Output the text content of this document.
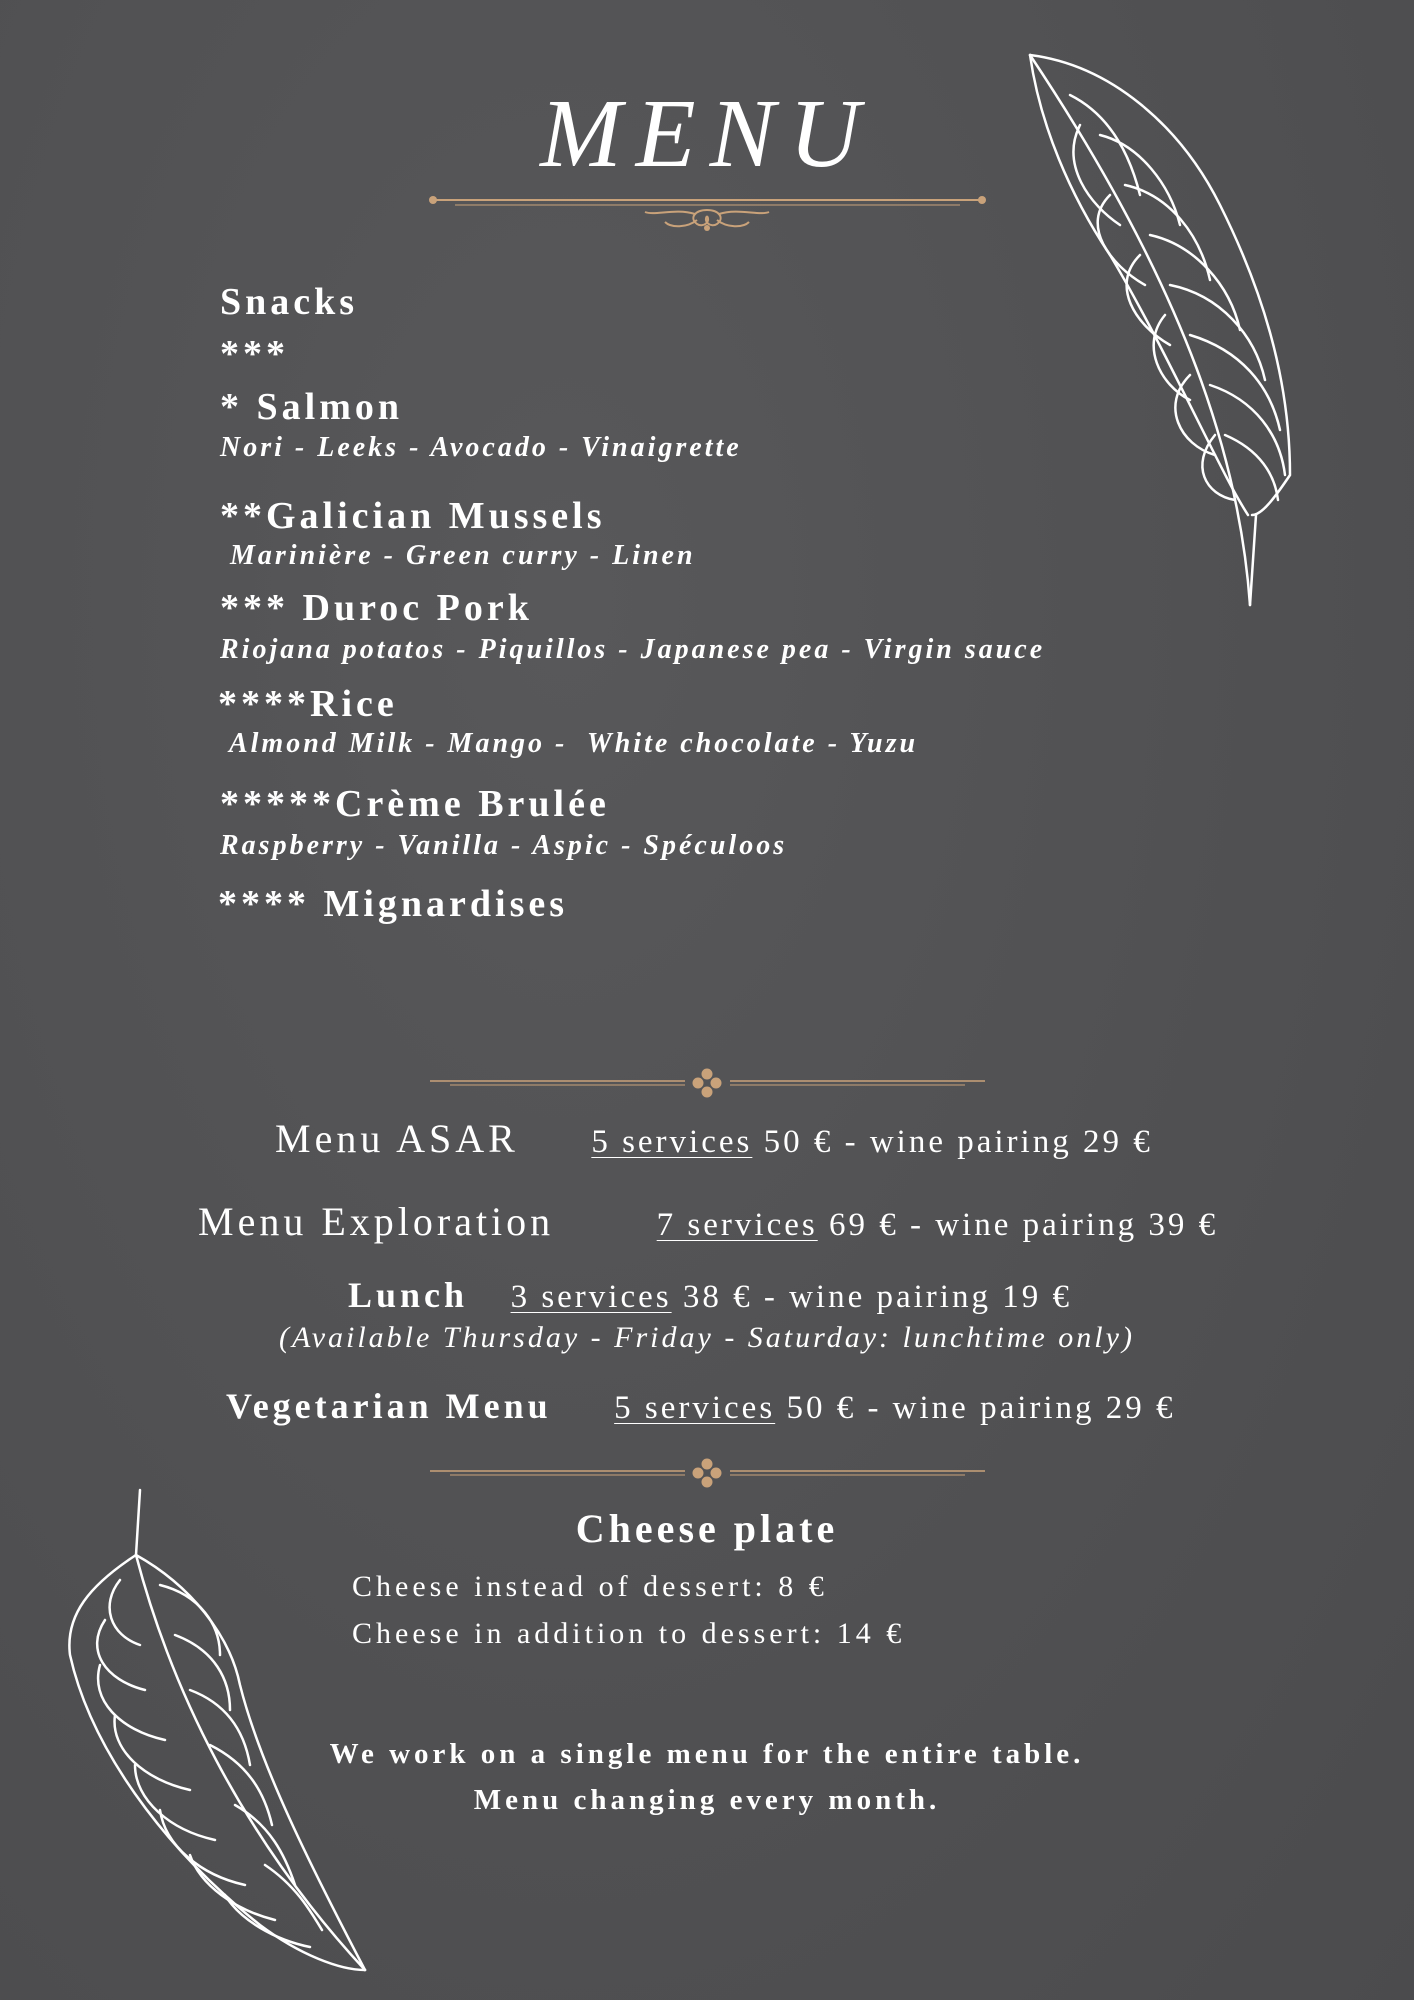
MENU
Snacks
***
* Salmon
Nori - Leeks - Avocado - Vinaigrette
**Galician Mussels
Marinière - Green curry - Linen
*** Duroc Pork
Riojana potatos - Piquillos - Japanese pea - Virgin sauce
****Rice
Almond Milk - Mango -  White chocolate - Yuzu
*****Crème Brulée
Raspberry - Vanilla - Aspic - Spéculoos
**** Mignardises
Menu ASAR 5 services 50 € - wine pairing 29 €
Menu Exploration	7 services 69 € - wine pairing 39 €
Lunch 3 services 38 € - wine pairing 19 €
(Available Thursday - Friday - Saturday: lunchtime only)
Vegetarian Menu 5 services 50 € - wine pairing 29 €
Cheese plate
Cheese instead of dessert: 8 €
Cheese in addition to dessert: 14 €
We work on a single menu for the entire table.
Menu changing every month.
